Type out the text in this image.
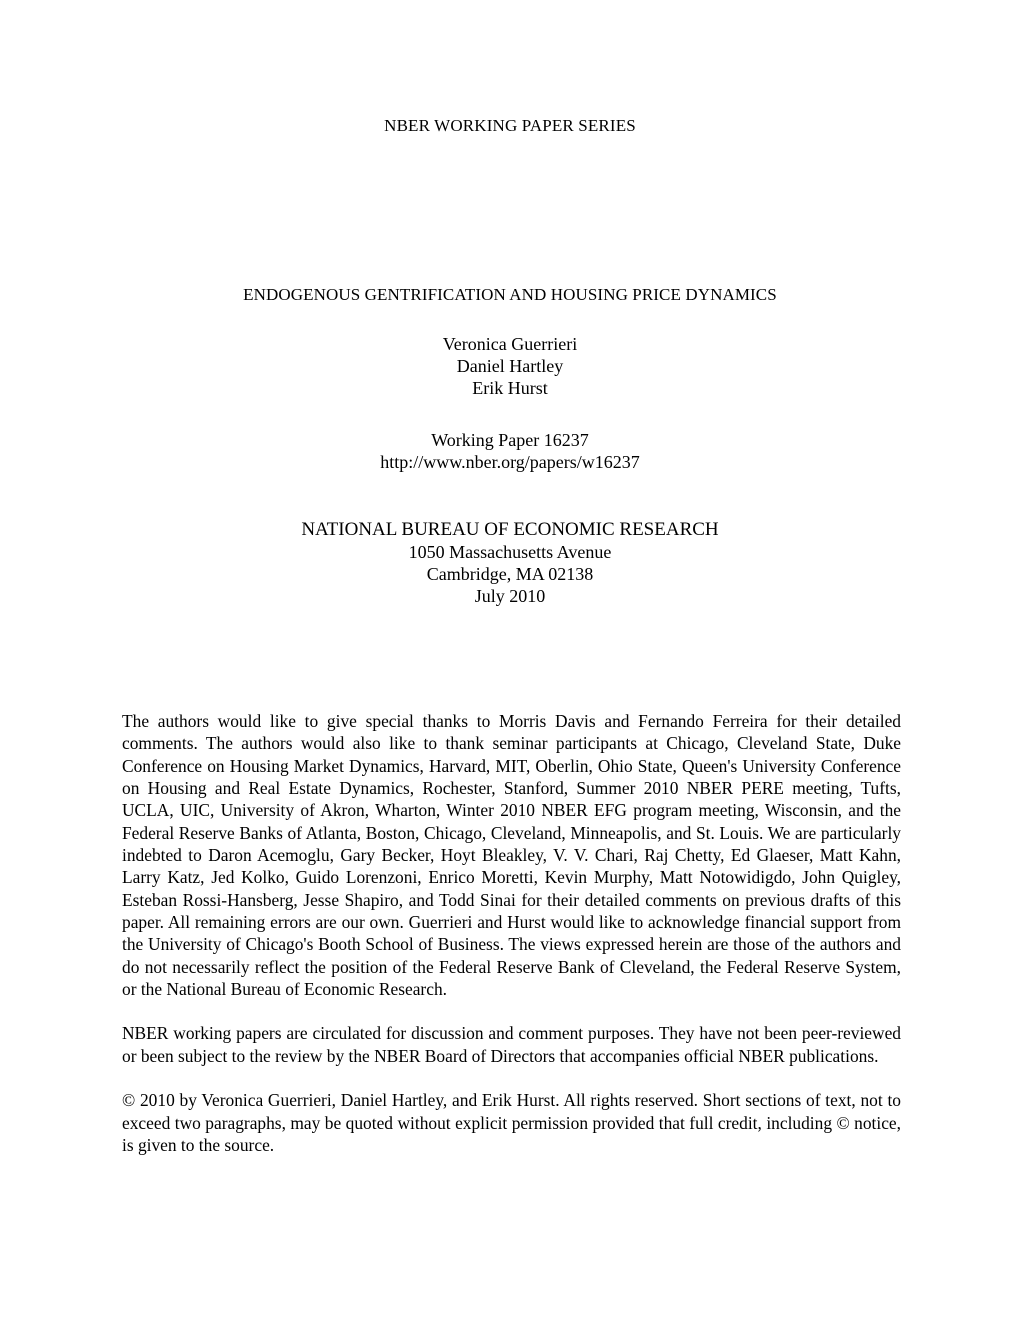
NBER WORKING PAPER SERIES
ENDOGENOUS GENTRIFICATION AND HOUSING PRICE DYNAMICS
Veronica Guerrieri
Daniel Hartley
Erik Hurst
Working Paper 16237
http://www.nber.org/papers/w16237
NATIONAL BUREAU OF ECONOMIC RESEARCH
1050 Massachusetts Avenue
Cambridge, MA 02138
July 2010

The authors would like to give special thanks to Morris Davis and Fernando Ferreira for their detailed comments. The authors would also like to thank seminar participants at Chicago, Cleveland State, Duke Conference on Housing Market Dynamics, Harvard, MIT, Oberlin, Ohio State, Queen's University Conference on Housing and Real Estate Dynamics, Rochester, Stanford, Summer 2010 NBER PERE meeting, Tufts, UCLA, UIC, University of Akron, Wharton, Winter 2010 NBER EFG program meeting, Wisconsin, and the Federal Reserve Banks of Atlanta, Boston, Chicago, Cleveland, Minneapolis, and St. Louis. We are particularly indebted to Daron Acemoglu, Gary Becker, Hoyt Bleakley, V. V. Chari, Raj Chetty, Ed Glaeser, Matt Kahn, Larry Katz, Jed Kolko, Guido Lorenzoni, Enrico Moretti, Kevin Murphy, Matt Notowidigdo, John Quigley, Esteban Rossi-Hansberg, Jesse Shapiro, and Todd Sinai for their detailed comments on previous drafts of this paper. All remaining errors are our own. Guerrieri and Hurst would like to acknowledge financial support from the University of Chicago's Booth School of Business. The views expressed herein are those of the authors and do not necessarily reflect the position of the Federal Reserve Bank of Cleveland, the Federal Reserve System, or the National Bureau of Economic Research.

NBER working papers are circulated for discussion and comment purposes. They have not been peer-reviewed or been subject to the review by the NBER Board of Directors that accompanies official NBER publications.

© 2010 by Veronica Guerrieri, Daniel Hartley, and Erik Hurst. All rights reserved. Short sections of text, not to exceed two paragraphs, may be quoted without explicit permission provided that full credit, including © notice, is given to the source.
